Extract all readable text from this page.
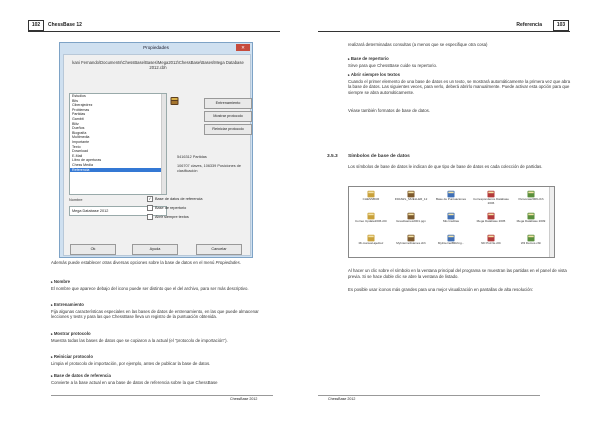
102	ChessBase 12
Propiedades	✕
kani Fernando\Documents\ChessBase\Bases\Mega2012\ChessBase\Bases\Mega Database 2012.cbh
Estudios
Bits
Ciberajedrez
Problemas
Partidas
Gambit
Blitz
Dueños
Biografía
Multimedia
Importante
Texto
Download
E-Mail
Libro de aperturas
Chess Media
Referencia
Entrenamiento
Mostrar protocolo
Reiniciar protocolo
5416312 Partidas
106707 claves, 106339 Posiciones de clasificación
Nombre
Mega Database 2012
✓ Base de datos de referencia
Base de repertorio
Abrir siempre textos
Ok	Ayuda	Cancelar
Además puede establecer otras diversas opciones sobre la base de datos en el menú Propiedades.
▸ Nombre
El nombre que aparece debajo del icono puede ser distinto que el del archivo, para ser más descriptivo.
▸ Entrenamiento
Fija algunas características especiales en las bases de datos de entrenamiento, en las que puede almacenar lecciones y tests y para las que ChessBase lleva un registro de la puntuación obtenida.
▸ Mostrar protocolo
Muestra todas las bases de datos que se copiaron a la actual (el "protocolo de importación").
▸ Reiniciar protocolo
Limpia el protocolo de importación, por ejemplo, antes de publicar la base de datos.
▸ Base de datos de referencia
Convierte a la base actual en una base de datos de referencia sobre la que ChessBase
ChessBase 2012
Referencia	103
realizará determinadas consultas (a menos que se especifique otra cosa)
▸ Base de repertorio
Sirve para que ChessBase cuide su repertorio.
▸ Abrir siempre los textos
Cuando el primer elemento de una base de datos es un texto, se mostrará automáticamente la primera vez que abra la base de datos. Las siguientes veces, para verlo, deberá abrirlo manualmente. Puede activar esta opción para que siempre se abra automáticamente.
Véase también formatos de base de datos.
3.5.3 Símbolos de base de datos
Los símbolos de base de datos le indican de que tipo de base de datos es cada colección de partidas.
ChessBase 2012
CHESSBUR	FRANZL_MUELLER_12	Base de Puntuaciones	Correspondence Database 2006
Personas2009.cbh
Correo Update2006.cbh	GreatGames2001.pgn	Mis Inéditas	Mega Database 2005	Mega Database 2009
Mi-manual-ajedrez	MyInternetGames.cbh	MyInternetBlitzing...	ND Puzzle.cbh	Wil Demos.cbh
Al hacer un clic sobre el símbolo en la ventana principal del programa se muestran las partidas en el panel de vista previa. Si se hace doble clic se abre la ventana de listado.
Es posible usar iconos más grandes para una mejor visualización en pantallas de alta resolución:
